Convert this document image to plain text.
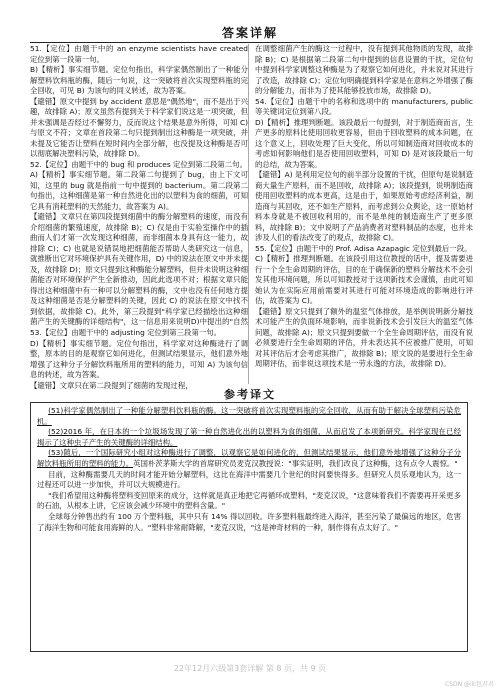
答案详解

51.【定位】由题干中的 an enzyme scientists have created 定位到第一段第一句。

B)【精析】事实细节题。定位句指出，科学家偶然制出了一种能分解塑料饮料瓶的酶，随后一句说，这一突破将首次实现塑料瓶的完全回收，可见 B) 为该句的同义转述，故为答案。

【避错】原文中提到 by accident 意思是"偶然地"，而不是出于兴趣，故排除 A)；原文虽然有提到关于科学家们说这是一项突破，但并未强调是否经过不懈努力，反而说这个结果是意外所得，可知 C) 与原文不符；文章在首段第二句只提到制出这种酶是一项突破，并未提及它能否让塑料在短时间内全部分解，也没提及这种酶是否可以彻底解决塑料污染，故排除 D)。

52.【定位】由题干中的 bug 和 produces 定位到第二段第二句。

A)【精析】事实细节题。第二段第二句提到了 bug，由上下文可知，这里的 bug 就是指前一句中提到的 bacterium。第二段第二句指出，这种细菌是第一种自然进化出的以塑料为食的细菌，可知它具有消耗塑料的天然能力，故答案为 A)。

【避错】文章只在第四段提到细菌中的酶分解塑料的速度，而没有介绍细菌的繁殖速度，故排除 B)；C) 仅是由于实验室操作中的插曲而人们才第一次发现这种细菌，而非细菌本身具有这一能力，故排除 C)；C) 也就是说错误地把细菌能否帮助人类研究这一信息，就推断出它对环境保护具有关键作用，D) 中的说法在原文中并未提及，故排除 D)；原文只提到这种酶能分解塑料，但并未说明这种细菌能否对环境保护产生全新推动，因此此选项不对；根据文章只能得出这种细菌中有一种可以分解塑料的酶，文中也没有任何地方提及这种细菌是否是分解塑料的关键，因此 C) 的说法在原文中找不到依据，故排除 C)。此外，第三段提到"科学家已经描绘出这种细菌产生的关键酶的详细结构"，这一信息用来说明D)中提出的"自然

53.【定位】由题干中的 adjusting 定位到第三段第一句。

D)【精析】事实细节题。定位句指出，科学家对这种酶进行了调整，原本的目的是观察它如何进化，但测试结果显示，他们意外地增强了这种分子分解饮料瓶所用的塑料的能力，可知 A) 为该句信息的转述，故为答案。

【避错】文章只在第二段提到了细菌的发现过程，

在调整细菌产生的酶这一过程中，没有提到其他物质的发现，故排除 B)；C) 是根据第二段第二句中提到的信息设置的干扰，定位句中提到科学家调整这种酶是为了观察它如何进化，并未说对其进行了改造，故排除 C)；定位句明确提到科学家是在意料之外增强了酶的分解能力，而非为了使其能够投放市场，故排除 D)。

54.【定位】由题干中的名称和选项中的 manufacturers, public 等关键词定位到第八段。

D)【精析】推理判断题。该段最后一句提到，对于制造商而言，生产更多的原料比使用回收更容易，但由于回收塑料的成本问题，在这个意义上，回收处理了巨大变化，所以可知制造商对回收成本的考虑如何影响他们是否使用回收塑料，可知 D) 是对该段最后一句的总结，故为答案。

【避错】A) 是利用定位句的前半部分设置的干扰，但原句是说制造商大量生产原料，而不是回收，故排除 A)；该段提到，说明制造商使用回收塑料的成本更高，这是由于，如果原始考虑经济利益，制造商与其回收，还不如生产原料，而考虑到公众舆论，这一原始材料本身就是不被回收利用的，而不是单纯的制造商生产了更多原料，故排除 B)；文中说明了产品消费者对塑料制品的态度，也并未涉及人们的看法改变了的观点，故排除 C)。

55.【定位】由题干中的 Prof. Adisa Azapagic 定位到最后一段。

C)【精析】推理判断题。在该段引用这位教授的话中，提及需要进行一个全生命周期的评估，目的在于确保新的塑料分解技术不会引发其他环境问题，所以可知教授对于这项新技术会谨慎，由此可知她认为在实际应用前需要对其进行可能对环境造成的影响进行评估，故答案为 C)。

【避错】原文只提到了额外的温室气体排放，是举例说明新分解技术可能产生的负面环境影响，而非说新技术会引发巨大的温室气体问题，故排除 A)；原文只提到要做一个全生命周期评估，而没有说必须要进行全生命周期的评估，并未表达其不应被推广使用，可知对其评估后才会考虑其推广，故排除 B)；原文说的是要进行全生命周期评估，而非说这项技术是一劳永逸的方法，故排除 D)。

参考译文

(51)科学家偶然制出了一种能分解塑料饮料瓶的酶。这一突破将首次实现塑料瓶的完全回收，从而有助于解决全球塑料污染危机。

(52)2016 年，在日本的一个垃圾场发现了第一种自然进化出的以塑料为食的细菌，从而启发了本项新研究。科学家现在已经揭示了这种虫子产生的关键酶的详细结构。

(53)随后，一个国际研究小组对这种酶进行了调整，以观察它是如何进化的，但测试结果显示，他们意外地增强了这种分子分解饮料瓶所用的塑料的能力。英国朴茨茅斯大学的首席研究员麦克汉教授说："事实证明，我们改良了这种酶，这有点令人震惊。"

目前，这种酶需要几天的时间才能开始分解塑料，这比在海洋中需要几个世纪的时间要快得多。但研究人员乐观地认为，这一过程还可以进一步加快，并可以大规模进行。

"我们希望用这种酶将塑料变回原来的成分，这样就是真正地把它再循环成塑料，"麦克汉说，"这意味着我们不需要再开采更多的石油，从根本上讲，它应该会减少环境中的塑料含量。"

全球每分钟售出约有 100 万个塑料瓶，其中只有 14% 得以回收。许多塑料瓶最终进入海洋，甚至污染了最偏远的地区，危害了海洋生物和可能食用海鲜的人。"塑料非常耐降解，"麦克汉说，"这是神奇材料的一种，制作得有点太好了。"

22年12月六级第3套详解 第 8 页，共 9 页
CSDN @面包君君
